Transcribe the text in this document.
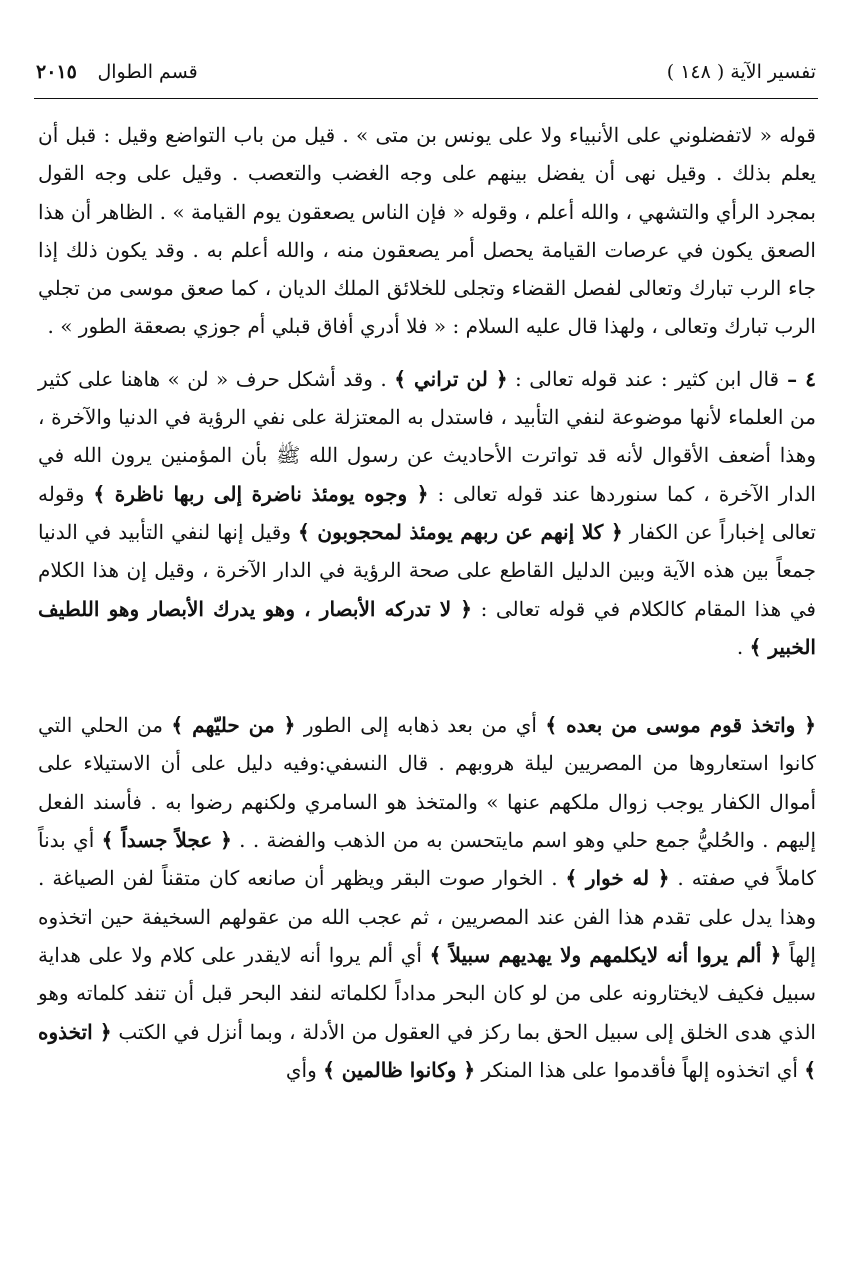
تفسير الآية ( ١٤٨ )
قسم الطوال ٢٠١٥

قوله « لاتفضلوني على الأنبياء ولا على يونس بن متى » . قيل من باب التواضع وقيل : قبل أن يعلم بذلك . وقيل نهى أن يفضل بينهم على وجه الغضب والتعصب . وقيل على وجه القول بمجرد الرأي والتشهي ، والله أعلم ، وقوله « فإن الناس يصعقون يوم القيامة » . الظاهر أن هذا الصعق يكون في عرصات القيامة يحصل أمر يصعقون منه ، والله أعلم به . وقد يكون ذلك إذا جاء الرب تبارك وتعالى لفصل القضاء وتجلى للخلائق الملك الديان ، كما صعق موسى من تجلي الرب تبارك وتعالى ، ولهذا قال عليه السلام : « فلا أدري أفاق قبلي أم جوزي بصعقة الطور » .

٤ – قال ابن كثير : عند قوله تعالى : ﴿ لن تراني ﴾ . وقد أشكل حرف « لن » هاهنا على كثير من العلماء لأنها موضوعة لنفي التأبيد ، فاستدل به المعتزلة على نفي الرؤية في الدنيا والآخرة ، وهذا أضعف الأقوال لأنه قد تواترت الأحاديث عن رسول الله ﷺ بأن المؤمنين يرون الله في الدار الآخرة ، كما سنوردها عند قوله تعالى : ﴿ وجوه يومئذ ناضرة إلى ربها ناظرة ﴾ وقوله تعالى إخباراً عن الكفار ﴿ كلا إنهم عن ربهم يومئذ لمحجوبون ﴾ وقيل إنها لنفي التأبيد في الدنيا جمعاً بين هذه الآية وبين الدليل القاطع على صحة الرؤية في الدار الآخرة ، وقيل إن هذا الكلام في هذا المقام كالكلام في قوله تعالى : ﴿ لا تدركه الأبصار ، وهو يدرك الأبصار وهو اللطيف الخبير ﴾ .

﴿ واتخذ قوم موسى من بعده ﴾ أي من بعد ذهابه إلى الطور ﴿ من حليّهم ﴾ من الحلي التي كانوا استعاروها من المصريين ليلة هروبهم . قال النسفي:وفيه دليل على أن الاستيلاء على أموال الكفار يوجب زوال ملكهم عنها » والمتخذ هو السامري ولكنهم رضوا به . فأسند الفعل إليهم . والحُليُّ جمع حلي وهو اسم مايتحسن به من الذهب والفضة . . ﴿ عجلاً جسداً ﴾ أي بدناً كاملاً في صفته . ﴿ له خوار ﴾ . الخوار صوت البقر ويظهر أن صانعه كان متقناً لفن الصياغة . وهذا يدل على تقدم هذا الفن عند المصريين ، ثم عجب الله من عقولهم السخيفة حين اتخذوه إلهاً ﴿ ألم يروا أنه لايكلمهم ولا يهديهم سبيلاً ﴾ أي ألم يروا أنه لايقدر على كلام ولا على هداية سبيل فكيف لايختارونه على من لو كان البحر مداداً لكلماته لنفد البحر قبل أن تنفد كلماته وهو الذي هدى الخلق إلى سبيل الحق بما ركز في العقول من الأدلة ، وبما أنزل في الكتب ﴿ اتخذوه ﴾ أي اتخذوه إلهاً فأقدموا على هذا المنكر ﴿ وكانوا ظالمين ﴾ وأي
